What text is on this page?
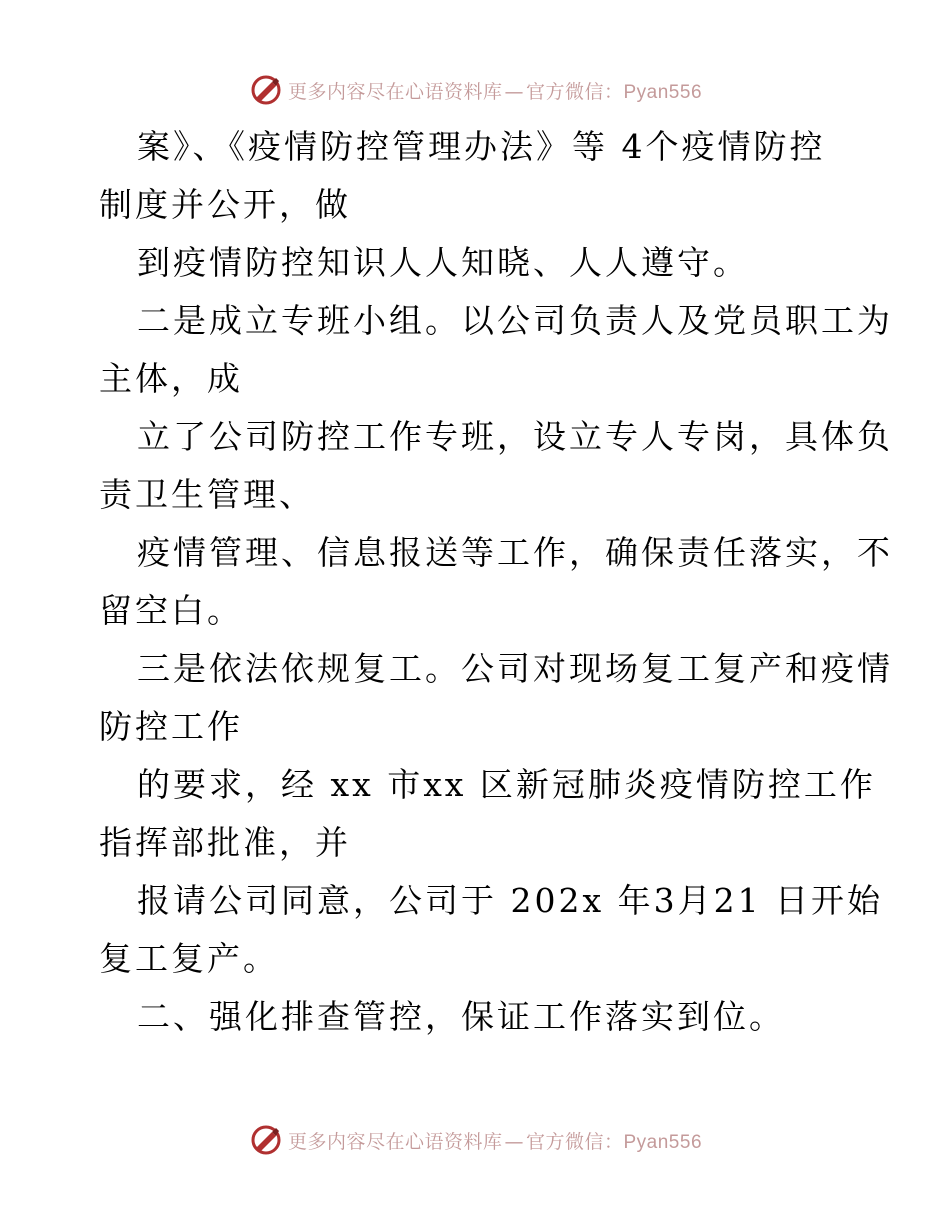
更多内容尽在心语资料库 — 官方微信：Pyan556
案》、《疫情防控管理办法》等 4个疫情防控
制度并公开，做
到疫情防控知识人人知晓、人人遵守。
二是成立专班小组。以公司负责人及党员职工为
主体，成
立了公司防控工作专班，设立专人专岗，具体负
责卫生管理、
疫情管理、信息报送等工作，确保责任落实，不
留空白。
三是依法依规复工。公司对现场复工复产和疫情
防控工作
的要求，经 xx 市xx 区新冠肺炎疫情防控工作
指挥部批准，并
报请公司同意，公司于 202x 年3月21 日开始
复工复产。
二、强化排查管控，保证工作落实到位。
更多内容尽在心语资料库 — 官方微信：Pyan556
